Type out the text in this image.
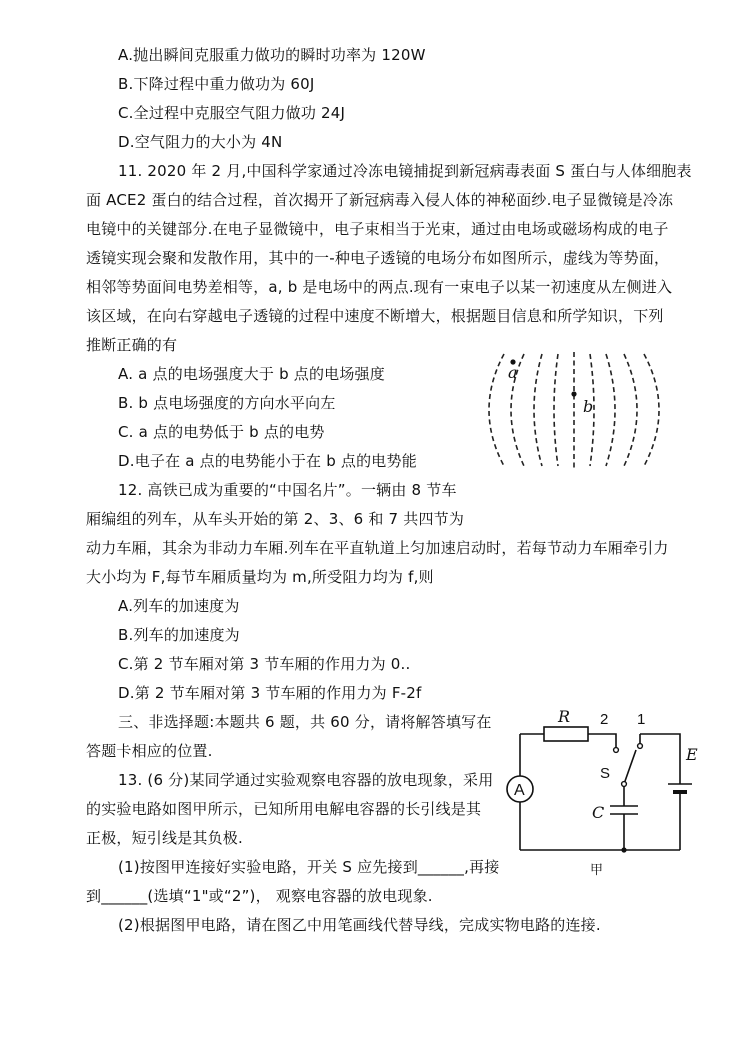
A.抛出瞬间克服重力做功的瞬时功率为 120W
B.下降过程中重力做功为 60J
C.全过程中克服空气阻力做功 24J
D.空气阻力的大小为 4N
11. 2020 年 2 月,中国科学家通过冷冻电镜捕捉到新冠病毒表面 S 蛋白与人体细胞表
面 ACE2 蛋白的结合过程，首次揭开了新冠病毒入侵人体的神秘面纱.电子显微镜是冷冻
电镜中的关键部分.在电子显微镜中，电子束相当于光束，通过由电场或磁场构成的电子
透镜实现会聚和发散作用，其中的一-种电子透镜的电场分布如图所示，虚线为等势面，
相邻等势面间电势差相等，a, b 是电场中的两点.现有一束电子以某一初速度从左侧进入
该区域，在向右穿越电子透镜的过程中速度不断增大，根据题目信息和所学知识，下列
推断正确的有
A. a 点的电场强度大于 b 点的电场强度
B. b 点电场强度的方向水平向左
C. a 点的电势低于 b 点的电势
D.电子在 a 点的电势能小于在 b 点的电势能
a
b
12. 高铁已成为重要的“中国名片”。一辆由 8 节车
厢编组的列车，从车头开始的第 2、3、6 和 7 共四节为
动力车厢，其余为非动力车厢.列车在平直轨道上匀加速启动时，若每节动力车厢牵引力
大小均为 F,每节车厢质量均为 m,所受阻力均为 f,则
A.列车的加速度为
B.列车的加速度为
C.第 2 节车厢对第 3 节车厢的作用力为 0..
D.第 2 节车厢对第 3 节车厢的作用力为 F-2f
三、非选择题:本题共 6 题，共 60 分，请将解答填写在
答题卡相应的位置.
13. (6 分)某同学通过实验观察电容器的放电现象，采用
的实验电路如图甲所示，已知所用电解电容器的长引线是其
正极，短引线是其负极.
(1)按图甲连接好实验电路，开关 S 应先接到______,再接
到______(选填“1"或“2”)， 观察电容器的放电现象.
(2)根据图甲电路，请在图乙中用笔画线代替导线，完成实物电路的连接.
A
R 2 1
S
E
C
甲
